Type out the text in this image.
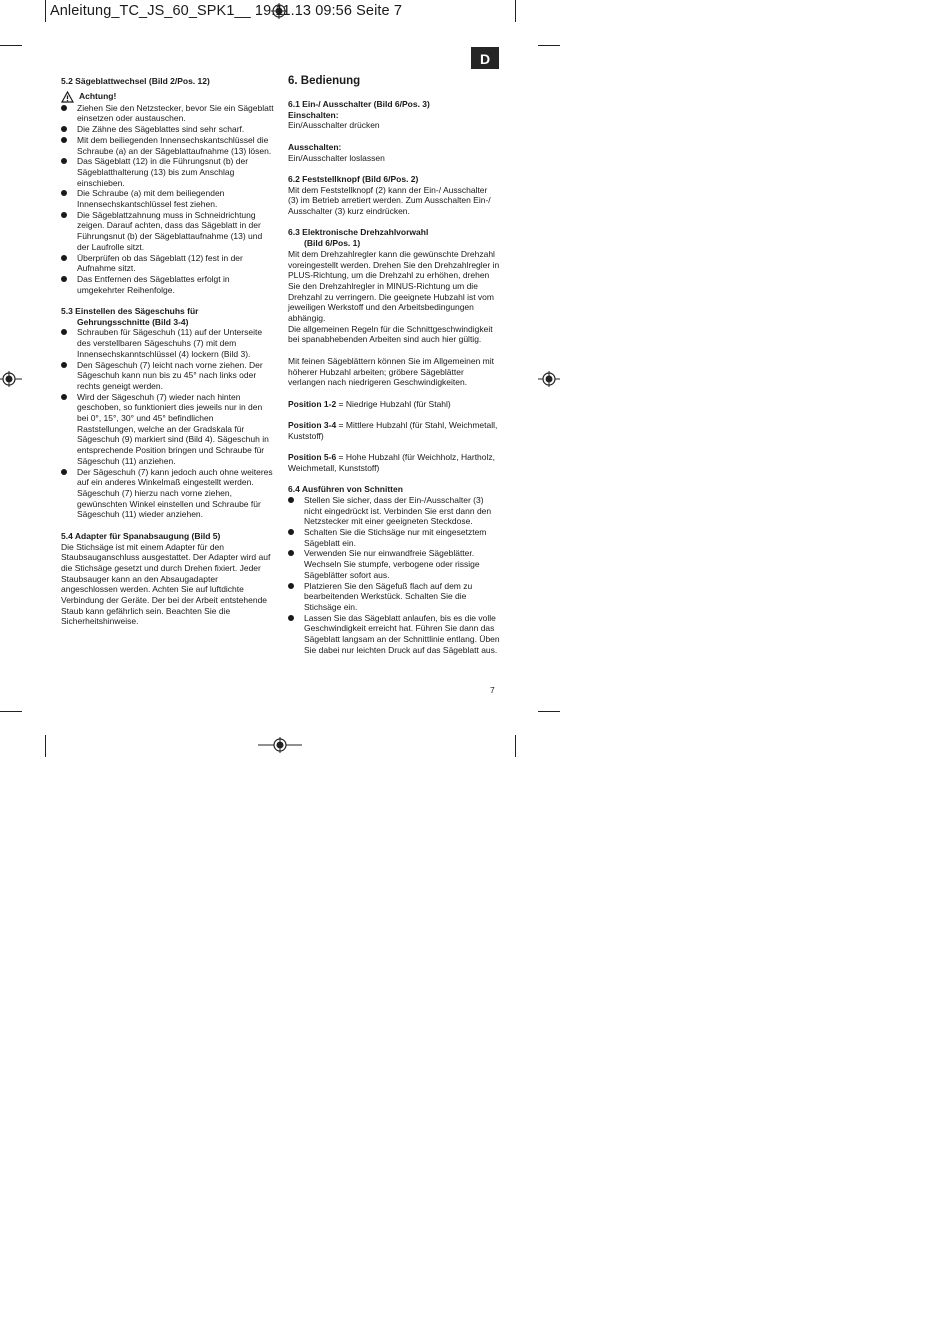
Anleitung_TC_JS_60_SPK1__ 19.11.13 09:56 Seite 7
D
5.2 Sägeblattwechsel (Bild 2/Pos. 12)
Achtung!
Ziehen Sie den Netzstecker, bevor Sie ein Sägeblatt einsetzen oder austauschen.
Die Zähne des Sägeblattes sind sehr scharf.
Mit dem beiliegenden Innensechskantschlüssel die Schraube (a) an der Sägeblattaufnahme (13) lösen.
Das Sägeblatt (12) in die Führungsnut (b) der Sägeblatthalterung (13) bis zum Anschlag einschieben.
Die Schraube (a) mit dem beiliegenden Innensechskantschlüssel fest ziehen.
Die Sägeblattzahnung muss in Schneidrichtung zeigen. Darauf achten, dass das Sägeblatt in der Führungsnut (b) der Sägeblattaufnahme (13) und der Laufrolle sitzt.
Überprüfen ob das Sägeblatt (12) fest in der Aufnahme sitzt.
Das Entfernen des Sägeblattes erfolgt in umgekehrter Reihenfolge.
5.3 Einstellen des Sägeschuhs für
Gehrungsschnitte (Bild 3-4)
Schrauben für Sägeschuh (11) auf der Unterseite des verstellbaren Sägeschuhs (7) mit dem Innensechskanntschlüssel (4) lockern (Bild 3).
Den Sägeschuh (7) leicht nach vorne ziehen. Der Sägeschuh kann nun bis zu 45° nach links oder rechts geneigt werden.
Wird der Sägeschuh (7) wieder nach hinten geschoben, so funktioniert dies jeweils nur in den bei 0°, 15°, 30° und 45° befindlichen Raststellungen, welche an der Gradskala für Sägeschuh (9) markiert sind (Bild 4). Sägeschuh in entsprechende Position bringen und Schraube für Sägeschuh (11) anziehen.
Der Sägeschuh (7) kann jedoch auch ohne weiteres auf ein anderes Winkelmaß eingestellt werden. Sägeschuh (7) hierzu nach vorne ziehen, gewünschten Winkel einstellen und Schraube für Sägeschuh (11) wieder anziehen.
5.4 Adapter für Spanabsaugung (Bild 5)
Die Stichsäge ist mit einem Adapter für den Staubsauganschluss ausgestattet. Der Adapter wird auf die Stichsäge gesetzt und durch Drehen fixiert. Jeder Staubsauger kann an den Absaugadapter angeschlossen werden. Achten Sie auf luftdichte Verbindung der Geräte. Der bei der Arbeit entstehende Staub kann gefährlich sein. Beachten Sie die Sicherheitshinweise.
6. Bedienung
6.1 Ein-/ Ausschalter (Bild 6/Pos. 3)
Einschalten:
Ein/Ausschalter drücken
Ausschalten:
Ein/Ausschalter loslassen
6.2 Feststellknopf (Bild 6/Pos. 2)
Mit dem Feststellknopf (2) kann der Ein-/ Ausschalter (3) im Betrieb arretiert werden. Zum Ausschalten Ein-/ Ausschalter (3) kurz eindrücken.
6.3 Elektronische Drehzahlvorwahl
(Bild 6/Pos. 1)
Mit dem Drehzahlregler kann die gewünschte Drehzahl voreingestellt werden. Drehen Sie den Drehzahlregler in PLUS-Richtung, um die Drehzahl zu erhöhen, drehen Sie den Drehzahlregler in MINUS-Richtung um die Drehzahl zu verringern. Die geeignete Hubzahl ist vom jeweiligen Werkstoff und den Arbeitsbedingungen abhängig.
Die allgemeinen Regeln für die Schnittgeschwindigkeit bei spanabhebenden Arbeiten sind auch hier gültig.
Mit feinen Sägeblättern können Sie im Allgemeinen mit höherer Hubzahl arbeiten; gröbere Sägeblätter verlangen nach niedrigeren Geschwindigkeiten.
Position 1-2 = Niedrige Hubzahl (für Stahl)
Position 3-4 = Mittlere Hubzahl (für Stahl, Weichmetall, Kuststoff)
Position 5-6 = Hohe Hubzahl (für Weichholz, Hartholz, Weichmetall, Kunststoff)
6.4 Ausführen von Schnitten
Stellen Sie sicher, dass der Ein-/Ausschalter (3) nicht eingedrückt ist. Verbinden Sie erst dann den Netzstecker mit einer geeigneten Steckdose.
Schalten Sie die Stichsäge nur mit eingesetztem Sägeblatt ein.
Verwenden Sie nur einwandfreie Sägeblätter. Wechseln Sie stumpfe, verbogene oder rissige Sägeblätter sofort aus.
Platzieren Sie den Sägefuß flach auf dem zu bearbeitenden Werkstück. Schalten Sie die Stichsäge ein.
Lassen Sie das Sägeblatt anlaufen, bis es die volle Geschwindigkeit erreicht hat. Führen Sie dann das Sägeblatt langsam an der Schnittlinie entlang. Üben Sie dabei nur leichten Druck auf das Sägeblatt aus.
7
